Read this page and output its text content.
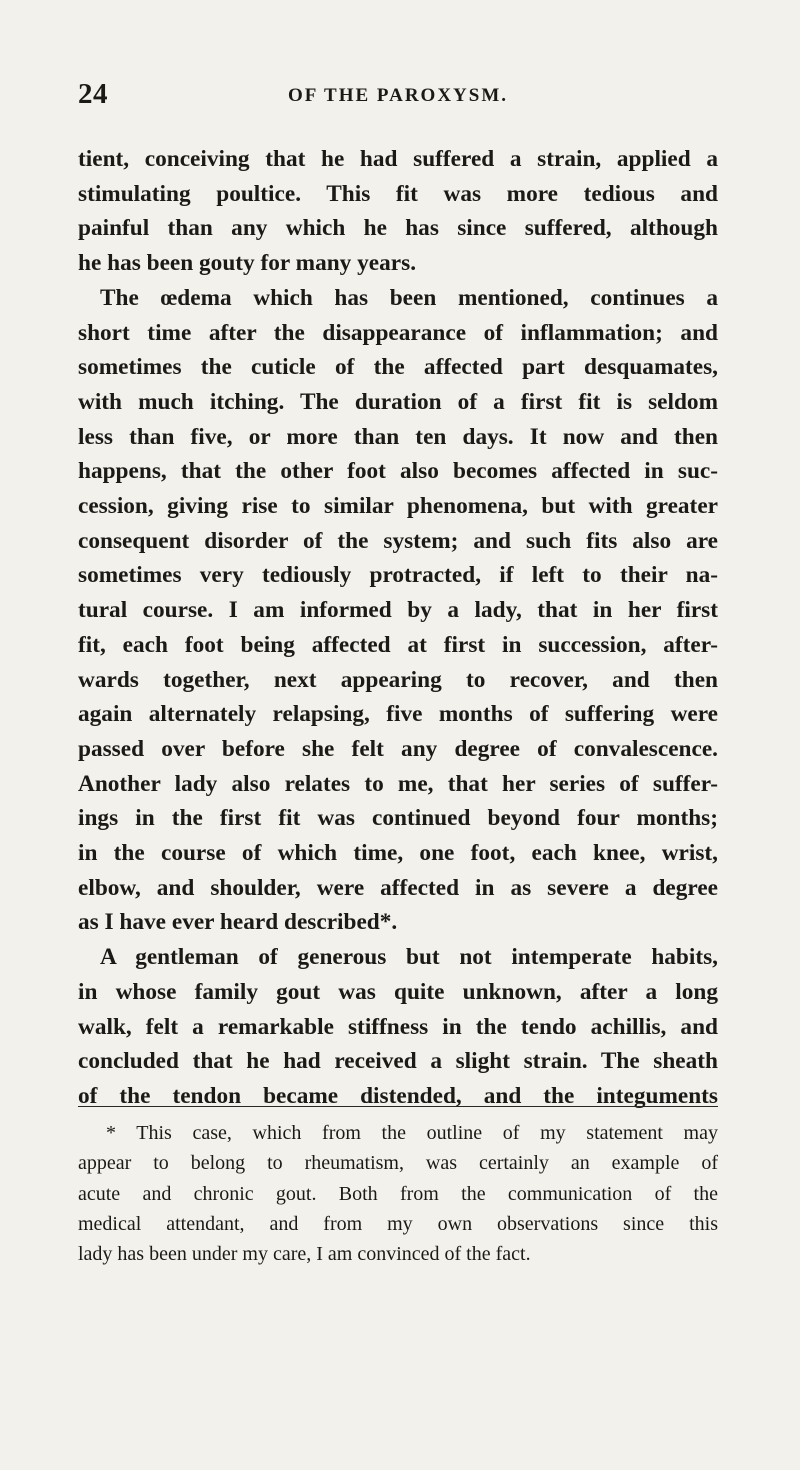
24	OF THE PAROXYSM.
tient, conceiving that he had suffered a strain, applied a
stimulating poultice. This fit was more tedious and
painful than any which he has since suffered, although
he has been gouty for many years.
The œdema which has been mentioned, continues a
short time after the disappearance of inflammation; and
sometimes the cuticle of the affected part desquamates,
with much itching. The duration of a first fit is seldom
less than five, or more than ten days. It now and then
happens, that the other foot also becomes affected in suc-
cession, giving rise to similar phenomena, but with greater
consequent disorder of the system; and such fits also are
sometimes very tediously protracted, if left to their na-
tural course. I am informed by a lady, that in her first
fit, each foot being affected at first in succession, after-
wards together, next appearing to recover, and then
again alternately relapsing, five months of suffering were
passed over before she felt any degree of convalescence.
Another lady also relates to me, that her series of suffer-
ings in the first fit was continued beyond four months;
in the course of which time, one foot, each knee, wrist,
elbow, and shoulder, were affected in as severe a degree
as I have ever heard described*.
A gentleman of generous but not intemperate habits,
in whose family gout was quite unknown, after a long
walk, felt a remarkable stiffness in the tendo achillis, and
concluded that he had received a slight strain. The sheath
of the tendon became distended, and the integuments
* This case, which from the outline of my statement may
appear to belong to rheumatism, was certainly an example of
acute and chronic gout. Both from the communication of the
medical attendant, and from my own observations since this
lady has been under my care, I am convinced of the fact.
